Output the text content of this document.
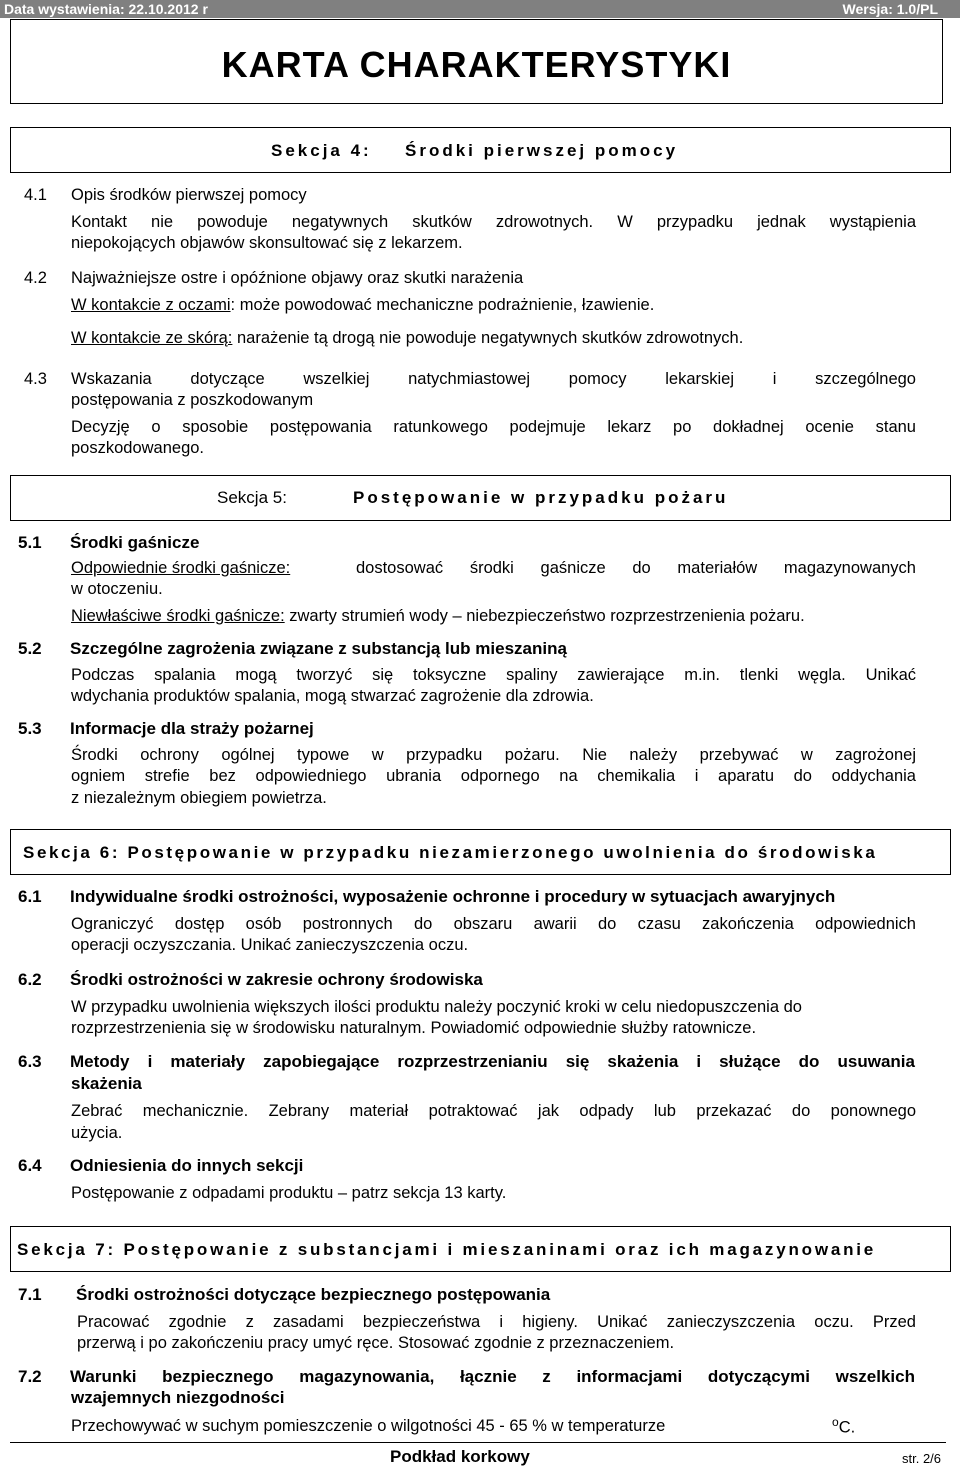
Data wystawienia: 22.10.2012 r	Wersja: 1.0/PL
KARTA CHARAKTERYSTYKI
Sekcja 4: Środki pierwszej pomocy
4.1 Opis środków pierwszej pomocy
Kontakt nie powoduje negatywnych skutków zdrowotnych. W przypadku jednak wystąpienia
niepokojących objawów skonsultować się z lekarzem.
4.2 Najważniejsze ostre i opóźnione objawy oraz skutki narażenia
W kontakcie z oczami: może powodować mechaniczne podrażnienie, łzawienie.
W kontakcie ze skórą: narażenie tą drogą nie powoduje negatywnych skutków zdrowotnych.
4.3 Wskazania dotyczące wszelkiej natychmiastowej pomocy lekarskiej i szczególnego
postępowania z poszkodowanym
Decyzję o sposobie postępowania ratunkowego podejmuje lekarz po dokładnej ocenie stanu
poszkodowanego.
Sekcja 5:	Postępowanie w przypadku pożaru
5.1 Środki gaśnicze
Odpowiednie środki gaśnicze:	dostosować środki gaśnicze do materiałów magazynowanych
w otoczeniu.
Niewłaściwe środki gaśnicze: zwarty strumień wody – niebezpieczeństwo rozprzestrzenienia pożaru.
5.2 Szczególne zagrożenia związane z substancją lub mieszaniną
Podczas spalania mogą tworzyć się toksyczne spaliny zawierające m.in. tlenki węgla. Unikać
wdychania produktów spalania, mogą stwarzać zagrożenie dla zdrowia.
5.3 Informacje dla straży pożarnej
Środki ochrony ogólnej typowe w przypadku pożaru. Nie należy przebywać w zagrożonej
ogniem strefie bez odpowiedniego ubrania odpornego na chemikalia i aparatu do oddychania
z niezależnym obiegiem powietrza.
Sekcja 6: Postępowanie w przypadku niezamierzonego uwolnienia do środowiska
6.1 Indywidualne środki ostrożności, wyposażenie ochronne i procedury w sytuacjach awaryjnych
Ograniczyć dostęp osób postronnych do obszaru awarii do czasu zakończenia odpowiednich
operacji oczyszczania. Unikać zanieczyszczenia oczu.
6.2 Środki ostrożności w zakresie ochrony środowiska
W przypadku uwolnienia większych ilości produktu należy poczynić kroki w celu niedopuszczenia do
rozprzestrzenienia się w środowisku naturalnym. Powiadomić odpowiednie służby ratownicze.
6.3 Metody i materiały zapobiegające rozprzestrzenianiu się skażenia i służące do usuwania
skażenia
Zebrać mechanicznie. Zebrany materiał potraktować jak odpady lub przekazać do ponownego
użycia.
6.4 Odniesienia do innych sekcji
Postępowanie z odpadami produktu – patrz sekcja 13 karty.
Sekcja 7: Postępowanie z substancjami i mieszaninami oraz ich magazynowanie
7.1 Środki ostrożności dotyczące bezpiecznego postępowania
Pracować zgodnie z zasadami bezpieczeństwa i higieny. Unikać zanieczyszczenia oczu. Przed
przerwą i po zakończeniu pracy umyć ręce. Stosować zgodnie z przeznaczeniem.
7.2 Warunki bezpiecznego magazynowania, łącznie z informacjami dotyczącymi wszelkich
wzajemnych niezgodności
Przechowywać w suchym pomieszczenie o wilgotności 45 - 65 % w temperaturze	$^o$C.
Podkład korkowy	str. 2/6
